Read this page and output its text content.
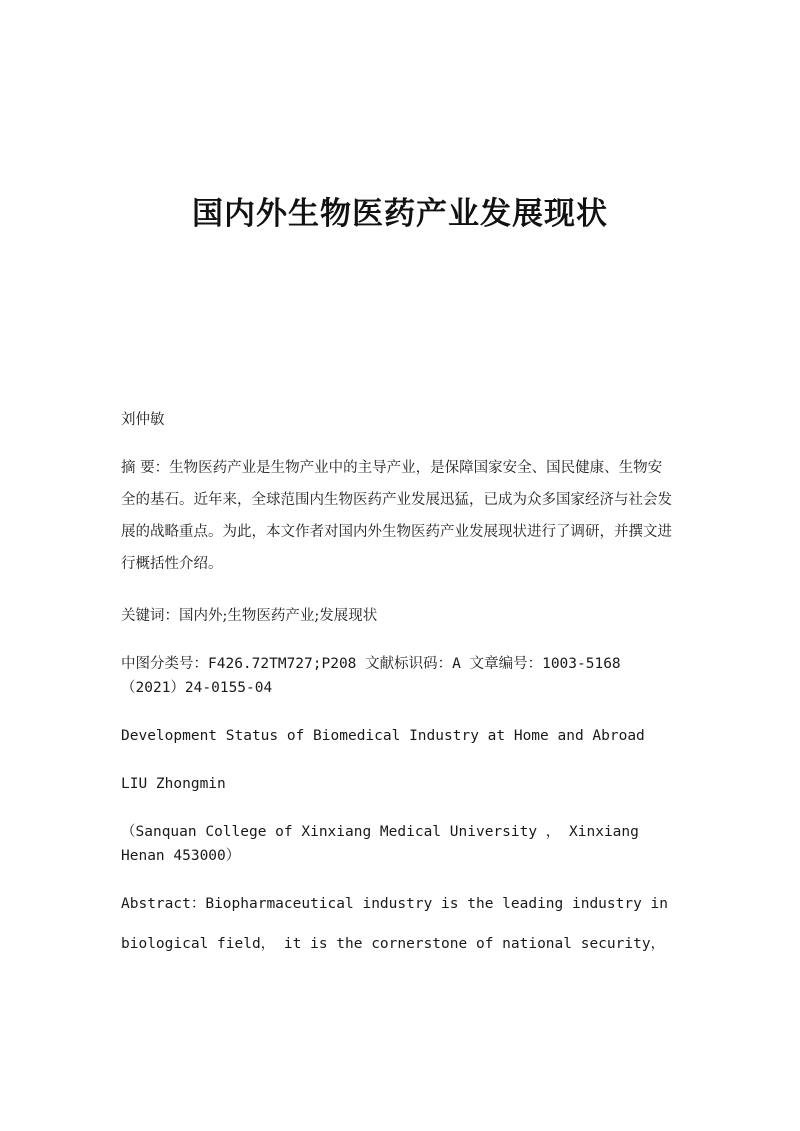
国内外生物医药产业发展现状

刘仲敏

摘 要：生物医药产业是生物产业中的主导产业，是保障国家安全、国民健康、生物安全的基石。近年来，全球范围内生物医药产业发展迅猛，已成为众多国家经济与社会发展的战略重点。为此，本文作者对国内外生物医药产业发展现状进行了调研，并撰文进行概括性介绍。

关键词：国内外;生物医药产业;发展现状

中图分类号：F426.72TM727;P208 文献标识码：A 文章编号：1003-5168（2021）24-0155-04

Development Status of Biomedical Industry at Home and Abroad

LIU Zhongmin

（Sanquan College of Xinxiang Medical University ， Xinxiang Henan 453000）

Abstract：Biopharmaceutical industry is the leading industry in biological field， it is the cornerstone of national security，
